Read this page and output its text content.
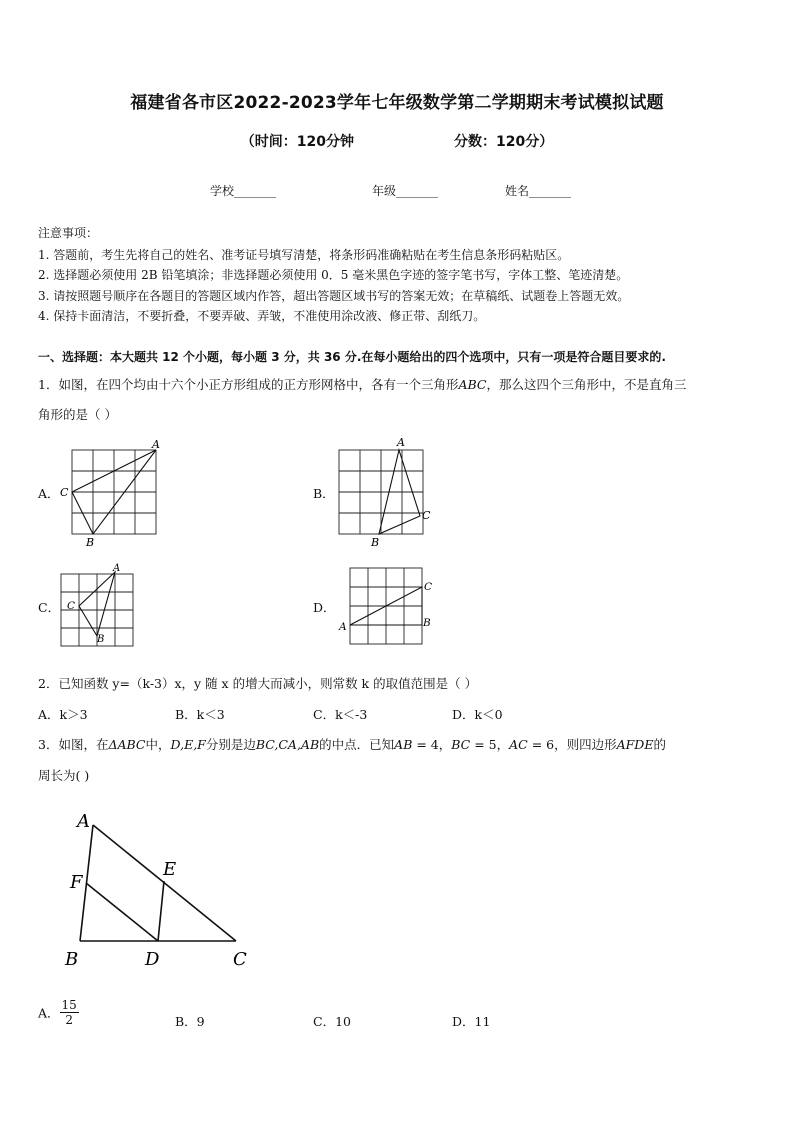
福建省各市区2022-2023学年七年级数学第二学期期末考试模拟试题
（时间：120分钟	分数：120分）
学校_______	年级_______	姓名_______
注意事项：
1. 答题前，考生先将自己的姓名、准考证号填写清楚，将条形码准确粘贴在考生信息条形码粘贴区。
2. 选择题必须使用 2B 铅笔填涂；非选择题必须使用 0．5 毫米黑色字迹的签字笔书写，字体工整、笔迹清楚。
3. 请按照题号顺序在各题目的答题区域内作答，超出答题区域书写的答案无效；在草稿纸、试题卷上答题无效。
4. 保持卡面清洁，不要折叠，不要弄破、弄皱，不准使用涂改液、修正带、刮纸刀。
一、选择题：本大题共 12 个小题，每小题 3 分，共 36 分.在每小题给出的四个选项中，只有一项是符合题目要求的.
1．如图，在四个均由十六个小正方形组成的正方形网格中，各有一个三角形ABC，那么这四个三角形中，不是直角三
角形的是（ ）
A．
A
C
B
B．
A
C
B
C．
A
C
B
D．
A
C
B
2．已知函数 y=（k-3）x，y 随 x 的增大而减小，则常数 k 的取值范围是（ ）
A．k＞3	B．k＜3	C．k＜-3	D．k＜0
3．如图，在ΔABC中，D,E,F分别是边BC,CA,AB的中点．已知AB = 4，BC = 5，AC = 6，则四边形AFDE的
周长为( )
A
F
E
B	D	C
A． $\frac{15}{2}$	B．9	C．10	D．11
